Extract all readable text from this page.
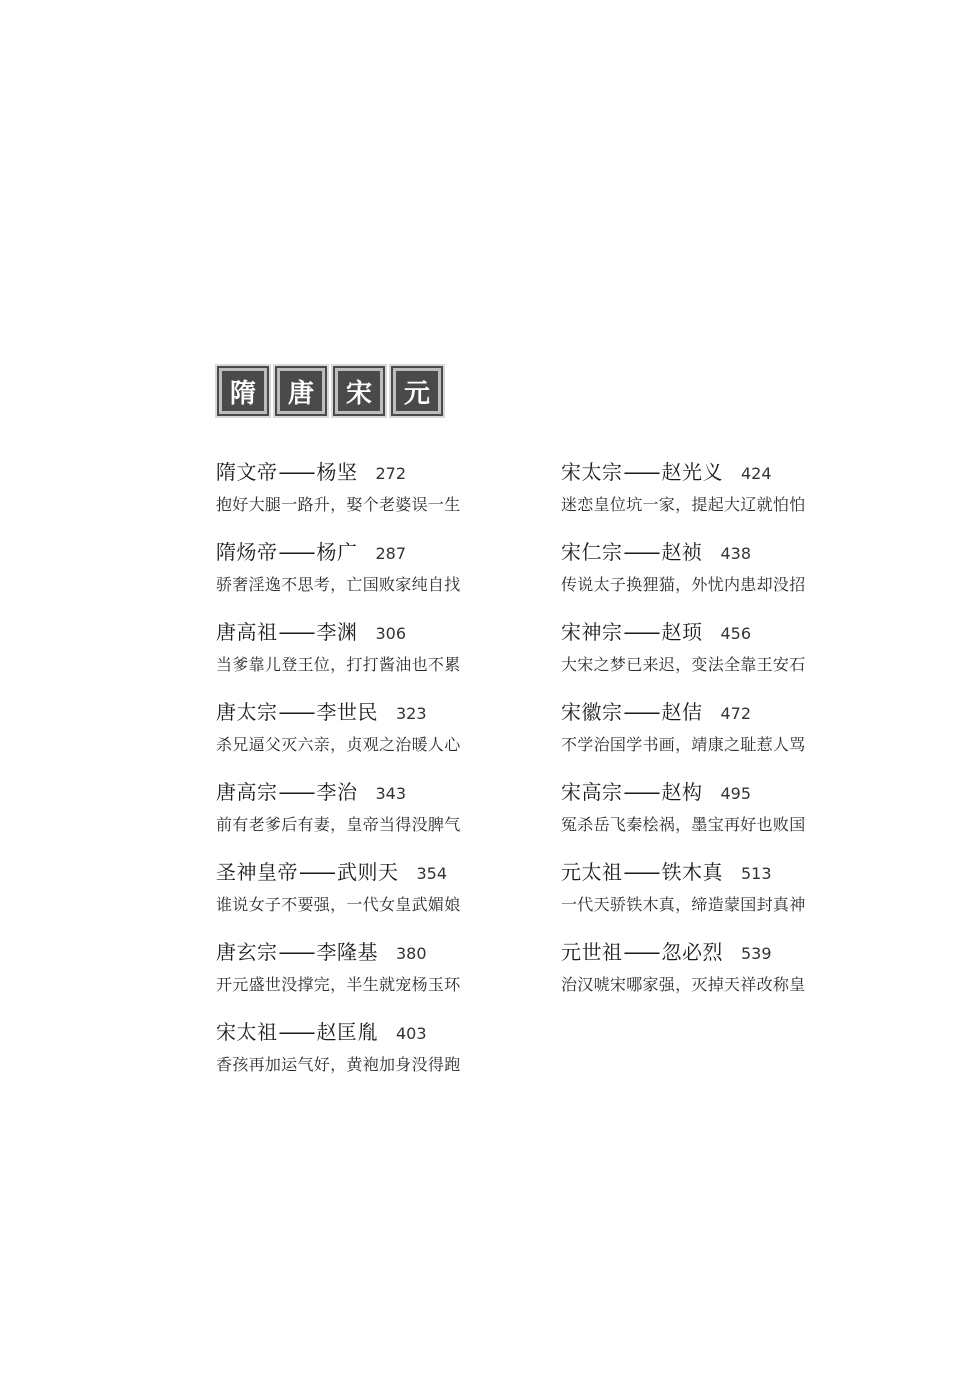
隋	唐	宋	元
隋文帝 —— 杨坚 272
抱好大腿一路升，娶个老婆误一生
隋炀帝 —— 杨广 287
骄奢淫逸不思考，亡国败家纯自找
唐高祖 —— 李渊 306
当爹靠儿登王位，打打酱油也不累
唐太宗 —— 李世民 323
杀兄逼父灭六亲，贞观之治暖人心
唐高宗 —— 李治 343
前有老爹后有妻，皇帝当得没脾气
圣神皇帝 —— 武则天 354
谁说女子不要强，一代女皇武媚娘
唐玄宗 —— 李隆基 380
开元盛世没撑完，半生就宠杨玉环
宋太祖 —— 赵匡胤 403
香孩再加运气好，黄袍加身没得跑
宋太宗 —— 赵光义 424
迷恋皇位坑一家，提起大辽就怕怕
宋仁宗 —— 赵祯 438
传说太子换狸猫，外忧内患却没招
宋神宗 —— 赵顼 456
大宋之梦已来迟，变法全靠王安石
宋徽宗 —— 赵佶 472
不学治国学书画，靖康之耻惹人骂
宋高宗 —— 赵构 495
冤杀岳飞秦桧祸，墨宝再好也败国
元太祖 —— 铁木真 513
一代天骄铁木真，缔造蒙国封真神
元世祖 —— 忽必烈 539
治汉唬宋哪家强，灭掉天祥改称皇
